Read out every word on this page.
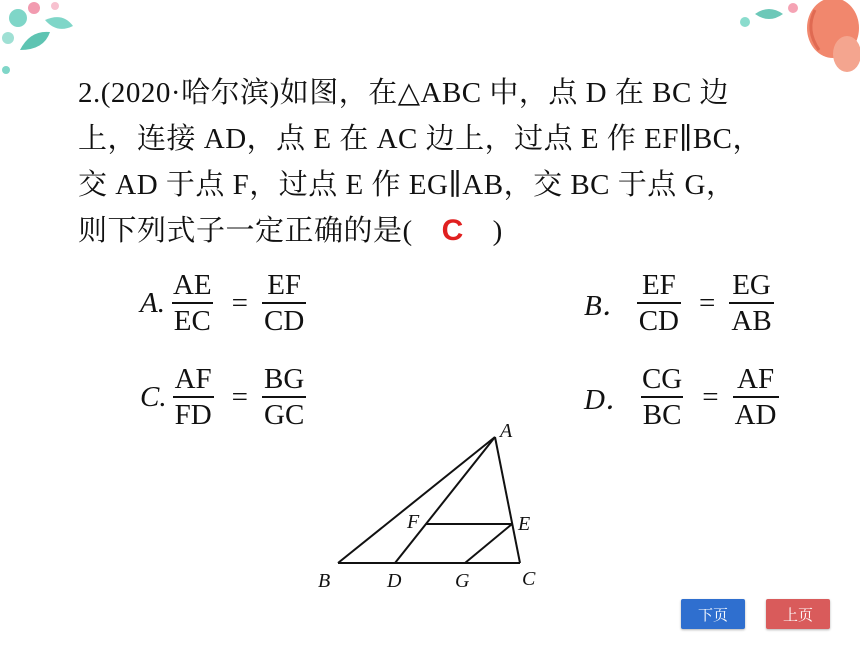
2.(2020·哈尔滨)如图，在△ABC 中，点 D 在 BC 边
上，连接 AD，点 E 在 AC 边上，过点 E 作 EF∥BC，
交 AD 于点 F，过点 E 作 EG∥AB，交 BC 于点 G，
则下列式子一定正确的是( C )
A. $\frac{AE}{EC} = \frac{EF}{CD}$	B． $\frac{EF}{CD} = \frac{EG}{AB}$
C. $\frac{AF}{FD} = \frac{BG}{GC}$	D． $\frac{CG}{BC} = \frac{AF}{AD}$
A
B	C
D
E
F
G
下页	上页
